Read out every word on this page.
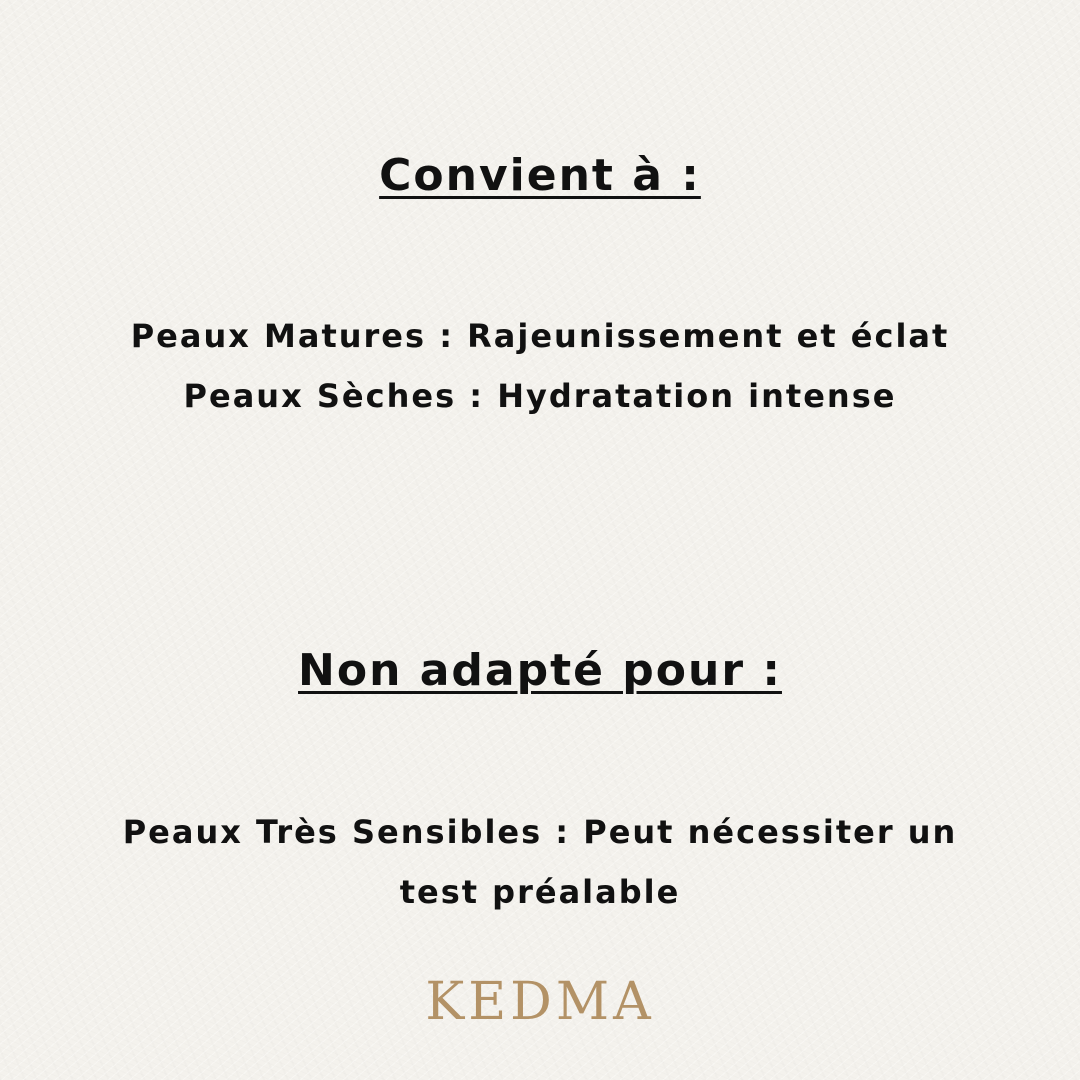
Convient à :

Peaux Matures : Rajeunissement et éclat
Peaux Sèches : Hydratation intense

Non adapté pour :

Peaux Très Sensibles : Peut nécessiter un
test préalable

KEDMA
